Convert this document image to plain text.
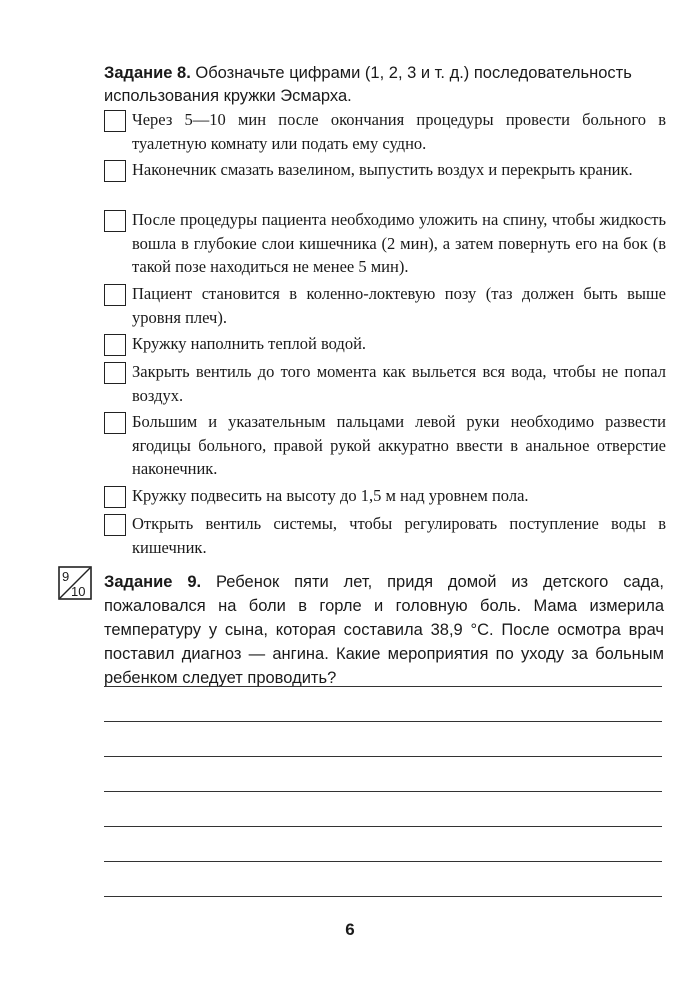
Задание 8. Обозначьте цифрами (1, 2, 3 и т. д.) последовательность использования кружки Эсмарха.
Через 5—10 мин после окончания процедуры провести больного в туалетную комнату или подать ему судно.
Наконечник смазать вазелином, выпустить воздух и перекрыть краник.
После процедуры пациента необходимо уложить на спину, чтобы жидкость вошла в глубокие слои кишечника (2 мин), а затем повернуть его на бок (в такой позе находиться не менее 5 мин).
Пациент становится в коленно-локтевую позу (таз должен быть выше уровня плеч).
Кружку наполнить теплой водой.
Закрыть вентиль до того момента как выльется вся вода, чтобы не попал воздух.
Большим и указательным пальцами левой руки необходимо развести ягодицы больного, правой рукой аккуратно ввести в анальное отверстие наконечник.
Кружку подвесить на высоту до 1,5 м над уровнем пола.
Открыть вентиль системы, чтобы регулировать поступление воды в кишечник.
9
10
Задание 9. Ребенок пяти лет, придя домой из детского сада, пожаловался на боли в горле и головную боль. Мама измерила температуру у сына, которая составила 38,9 °С. После осмотра врач поставил диагноз — ангина. Какие мероприятия по уходу за больным ребенком следует проводить?
6
